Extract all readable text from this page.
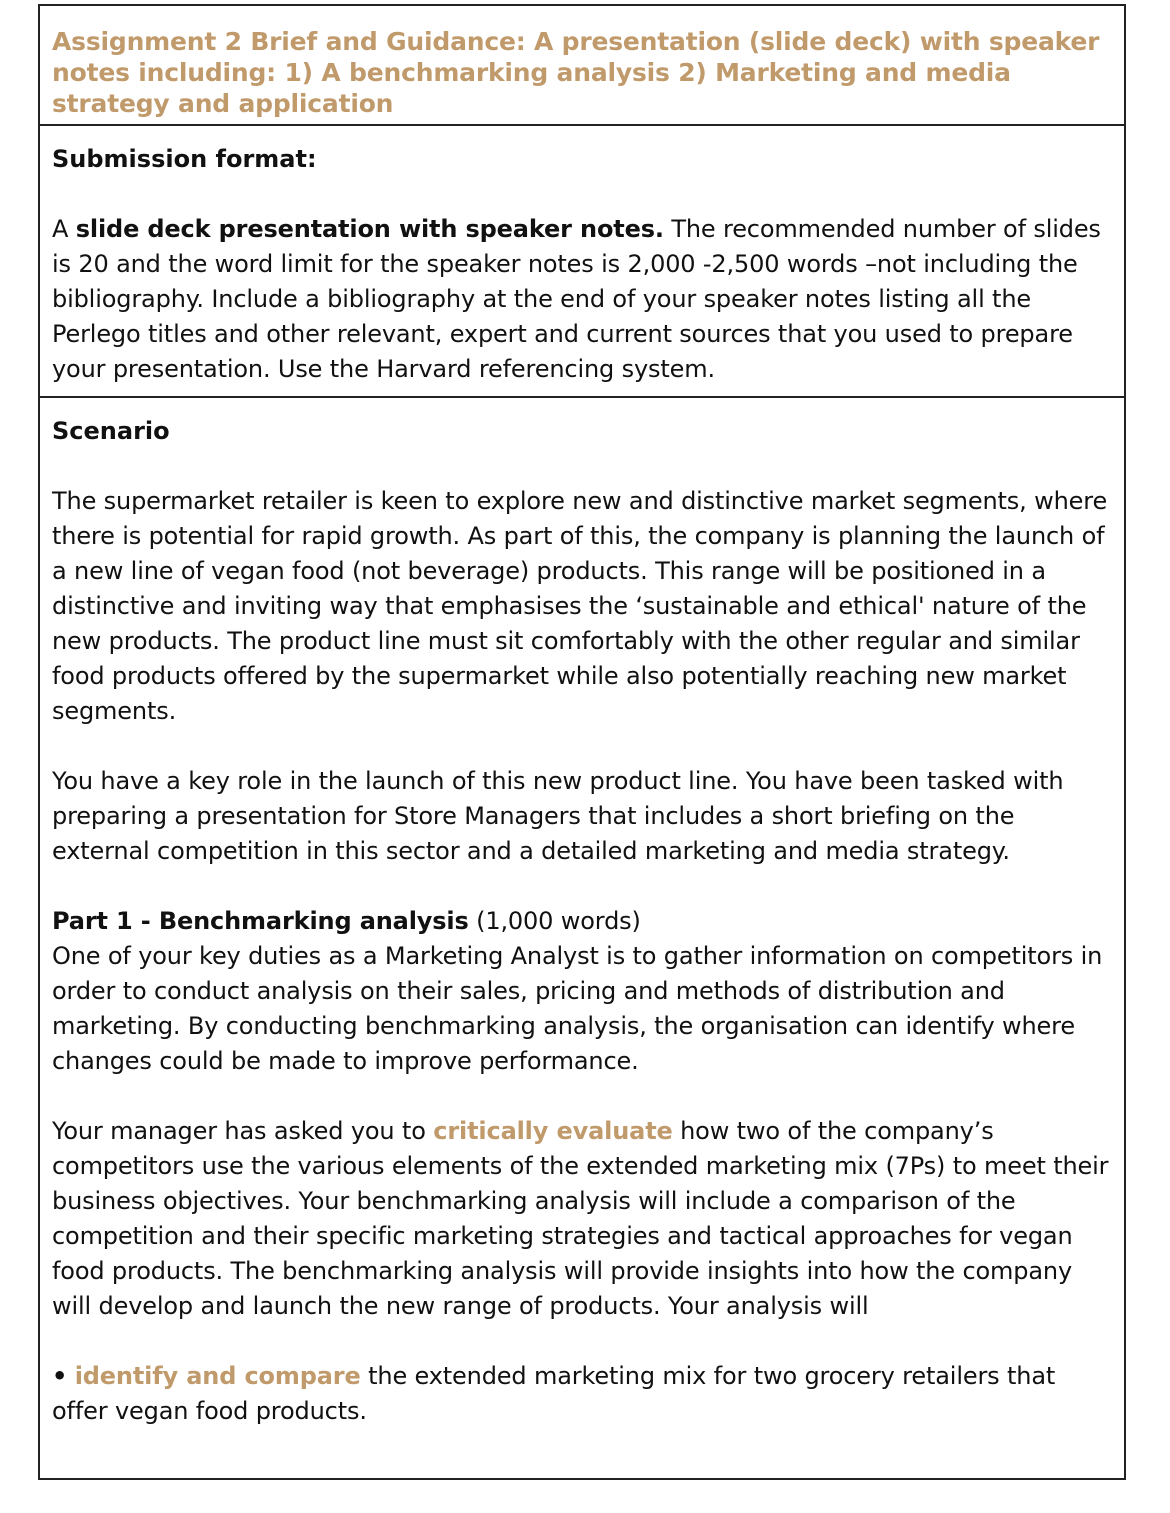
Assignment 2 Brief and Guidance: A presentation (slide deck) with speaker notes including: 1) A benchmarking analysis 2) Marketing and media strategy and application

Submission format:

A slide deck presentation with speaker notes. The recommended number of slides is 20 and the word limit for the speaker notes is 2,000 -2,500 words –not including the bibliography. Include a bibliography at the end of your speaker notes listing all the Perlego titles and other relevant, expert and current sources that you used to prepare your presentation. Use the Harvard referencing system.

Scenario

The supermarket retailer is keen to explore new and distinctive market segments, where there is potential for rapid growth. As part of this, the company is planning the launch of a new line of vegan food (not beverage) products. This range will be positioned in a distinctive and inviting way that emphasises the ‘sustainable and ethical' nature of the new products. The product line must sit comfortably with the other regular and similar food products offered by the supermarket while also potentially reaching new market segments.

You have a key role in the launch of this new product line. You have been tasked with preparing a presentation for Store Managers that includes a short briefing on the external competition in this sector and a detailed marketing and media strategy.

Part 1 - Benchmarking analysis (1,000 words)

One of your key duties as a Marketing Analyst is to gather information on competitors in order to conduct analysis on their sales, pricing and methods of distribution and marketing. By conducting benchmarking analysis, the organisation can identify where changes could be made to improve performance.

Your manager has asked you to critically evaluate how two of the company’s competitors use the various elements of the extended marketing mix (7Ps) to meet their business objectives. Your benchmarking analysis will include a comparison of the competition and their specific marketing strategies and tactical approaches for vegan food products. The benchmarking analysis will provide insights into how the company will develop and launch the new range of products. Your analysis will

• identify and compare the extended marketing mix for two grocery retailers that offer vegan food products.
